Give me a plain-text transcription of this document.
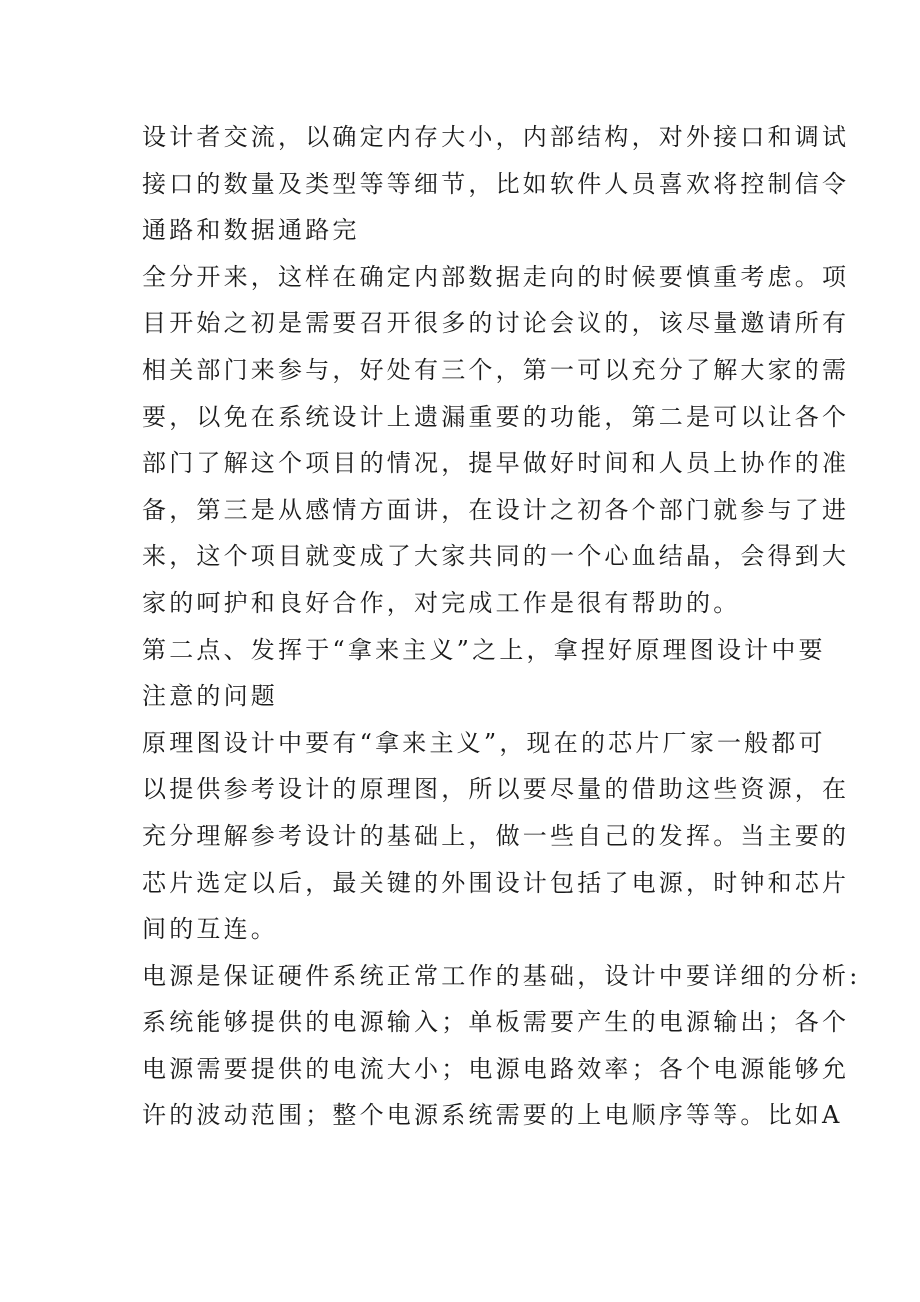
设计者交流，以确定内存大小，内部结构，对外接口和调试
接口的数量及类型等等细节，比如软件人员喜欢将控制信令
通路和数据通路完
全分开来，这样在确定内部数据走向的时候要慎重考虑。项
目开始之初是需要召开很多的讨论会议的，该尽量邀请所有
相关部门来参与，好处有三个，第一可以充分了解大家的需
要，以免在系统设计上遗漏重要的功能，第二是可以让各个
部门了解这个项目的情况，提早做好时间和人员上协作的准
备，第三是从感情方面讲，在设计之初各个部门就参与了进
来，这个项目就变成了大家共同的一个心血结晶，会得到大
家的呵护和良好合作，对完成工作是很有帮助的。
第二点、发挥于“拿来主义”之上，拿捏好原理图设计中要
注意的问题
原理图设计中要有“拿来主义”，现在的芯片厂家一般都可
以提供参考设计的原理图，所以要尽量的借助这些资源，在
充分理解参考设计的基础上，做一些自己的发挥。当主要的
芯片选定以后，最关键的外围设计包括了电源，时钟和芯片
间的互连。
电源是保证硬件系统正常工作的基础，设计中要详细的分析:
系统能够提供的电源输入；单板需要产生的电源输出；各个
电源需要提供的电流大小；电源电路效率；各个电源能够允
许的波动范围；整个电源系统需要的上电顺序等等。比如A
